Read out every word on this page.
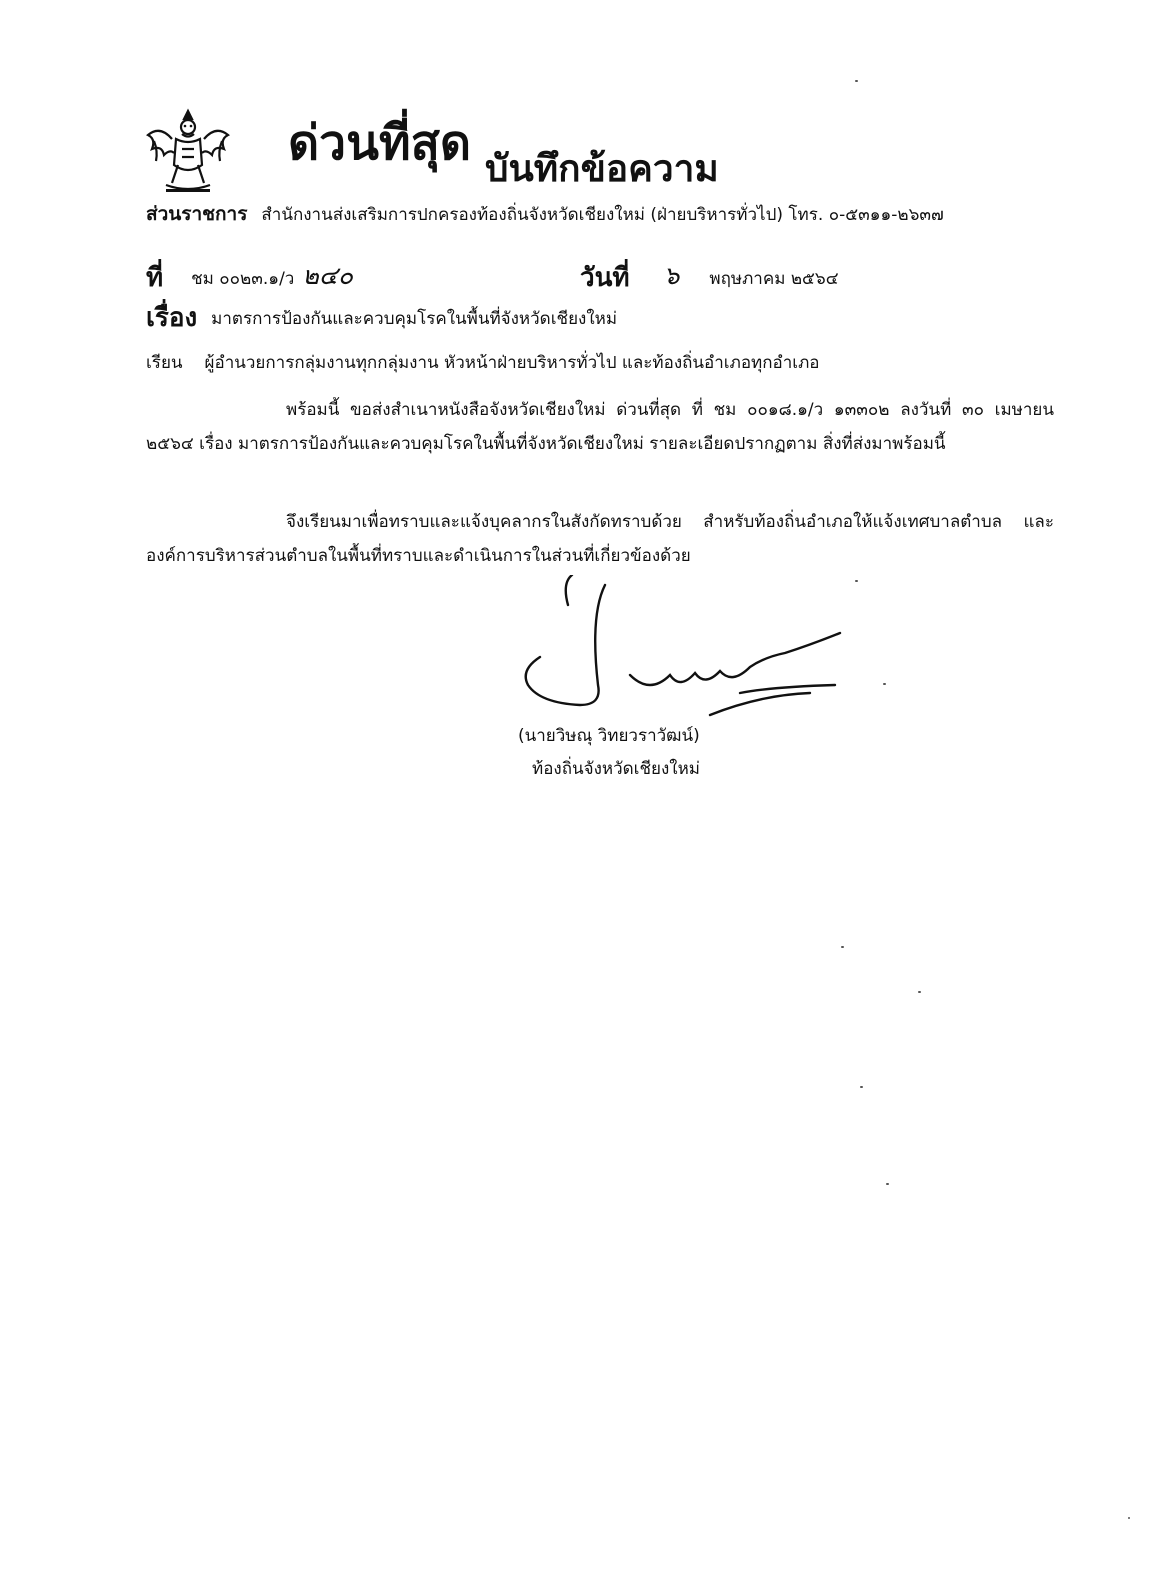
ด่วนที่สุด บันทึกข้อความ
ส่วนราชการ สำนักงานส่งเสริมการปกครองท้องถิ่นจังหวัดเชียงใหม่ (ฝ่ายบริหารทั่วไป) โทร. ๐-๕๓๑๑-๒๖๓๗
ที่ ชม ๐๐๒๓.๑/ว ๒๔๐	วันที่ ๖ พฤษภาคม ๒๕๖๔
เรื่อง มาตรการป้องกันและควบคุมโรคในพื้นที่จังหวัดเชียงใหม่
เรียน ผู้อำนวยการกลุ่มงานทุกกลุ่มงาน หัวหน้าฝ่ายบริหารทั่วไป และท้องถิ่นอำเภอทุกอำเภอ

พร้อมนี้ ขอส่งสำเนาหนังสือจังหวัดเชียงใหม่ ด่วนที่สุด ที่ ชม ๐๐๑๘.๑/ว ๑๓๓๐๒ ลงวันที่ ๓๐ เมษายน ๒๕๖๔ เรื่อง มาตรการป้องกันและควบคุมโรคในพื้นที่จังหวัดเชียงใหม่ รายละเอียดปรากฏตาม สิ่งที่ส่งมาพร้อมนี้

จึงเรียนมาเพื่อทราบและแจ้งบุคลากรในสังกัดทราบด้วย สำหรับท้องถิ่นอำเภอให้แจ้งเทศบาลตำบล และองค์การบริหารส่วนตำบลในพื้นที่ทราบและดำเนินการในส่วนที่เกี่ยวข้องด้วย

(นายวิษณุ วิทยวราวัฒน์)
ท้องถิ่นจังหวัดเชียงใหม่
